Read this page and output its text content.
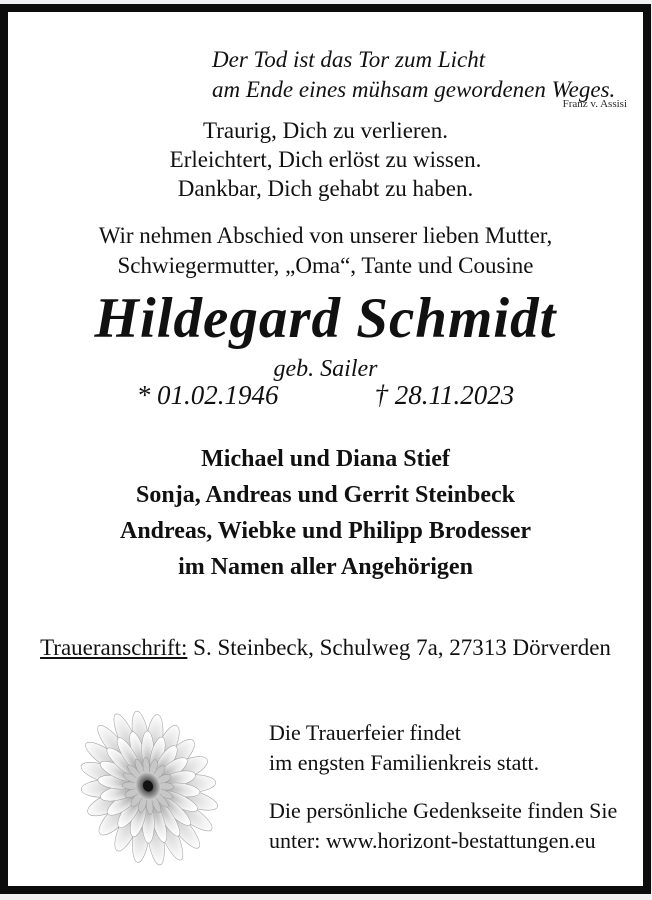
Der Tod ist das Tor zum Licht
am Ende eines mühsam gewordenen Weges.
Franz v. Assisi
Traurig, Dich zu verlieren.
Erleichtert, Dich erlöst zu wissen.
Dankbar, Dich gehabt zu haben.
Wir nehmen Abschied von unserer lieben Mutter,
Schwiegermutter, „Oma“, Tante und Cousine
Hildegard Schmidt
geb. Sailer
* 01.02.1946	† 28.11.2023
Michael und Diana Stief
Sonja, Andreas und Gerrit Steinbeck
Andreas, Wiebke und Philipp Brodesser
im Namen aller Angehörigen
Traueranschrift: S. Steinbeck, Schulweg 7a, 27313 Dörverden
Die Trauerfeier findet
im engsten Familienkreis statt.
Die persönliche Gedenkseite finden Sie
unter: www.horizont-bestattungen.eu
